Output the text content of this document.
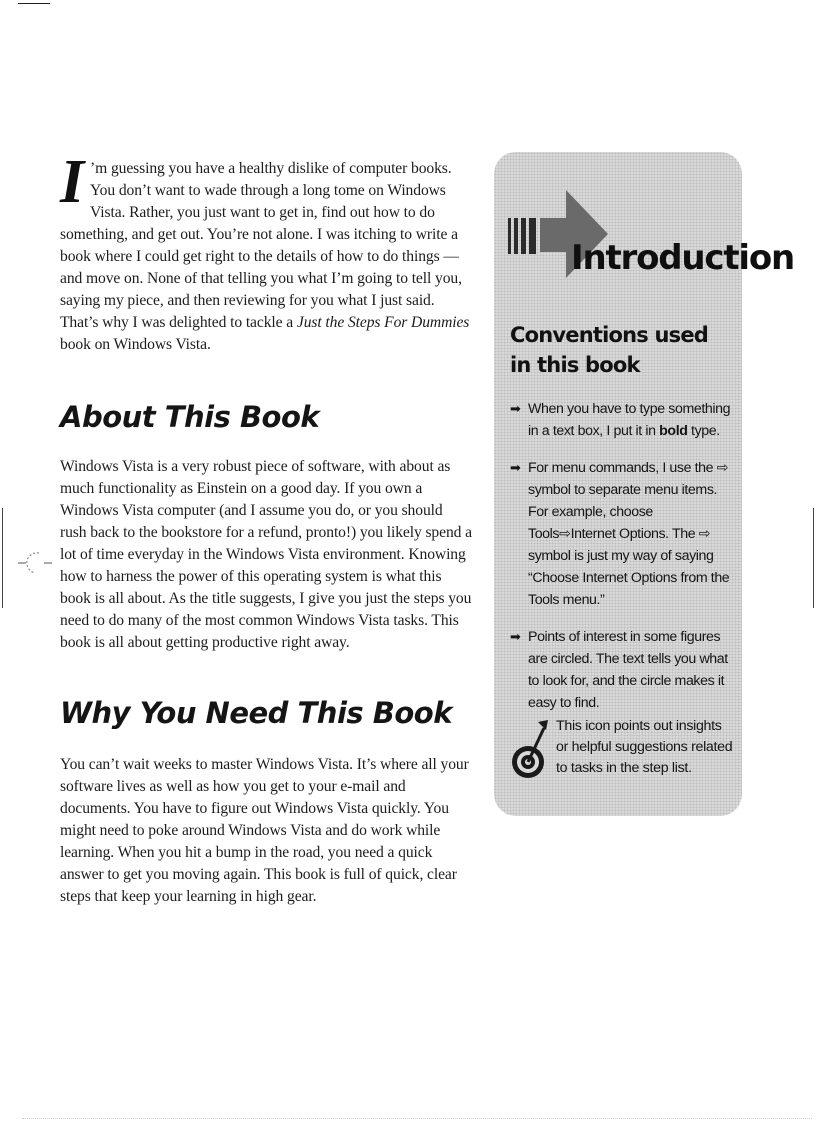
I ’m guessing you have a healthy dislike of computer books. You don’t want to wade through a long tome on Windows Vista. Rather, you just want to get in, find out how to do something, and get out. You’re not alone. I was itching to write a book where I could get right to the details of how to do things — and move on. None of that telling you what I’m going to tell you, saying my piece, and then reviewing for you what I just said. That’s why I was delighted to tackle a Just the Steps For Dummies book on Windows Vista.

About This Book

Windows Vista is a very robust piece of software, with about as much functionality as Einstein on a good day. If you own a Windows Vista computer (and I assume you do, or you should rush back to the bookstore for a refund, pronto!) you likely spend a lot of time everyday in the Windows Vista environment. Knowing how to harness the power of this operating system is what this book is all about. As the title suggests, I give you just the steps you need to do many of the most common Windows Vista tasks. This book is all about getting productive right away.

Why You Need This Book

You can’t wait weeks to master Windows Vista. It’s where all your software lives as well as how you get to your e-mail and documents. You have to figure out Windows Vista quickly. You might need to poke around Windows Vista and do work while learning. When you hit a bump in the road, you need a quick answer to get you moving again. This book is full of quick, clear steps that keep your learning in high gear.

Introduction
Conventions used in this book
➡ When you have to type something in a text box, I put it in bold type.
➡ For menu commands, I use the ⇨ symbol to separate menu items. For example, choose Tools⇨Internet Options. The ⇨ symbol is just my way of saying “Choose Internet Options from the Tools menu.”
➡ Points of interest in some figures are circled. The text tells you what to look for, and the circle makes it easy to find.
This icon points out insights or helpful suggestions related to tasks in the step list.
